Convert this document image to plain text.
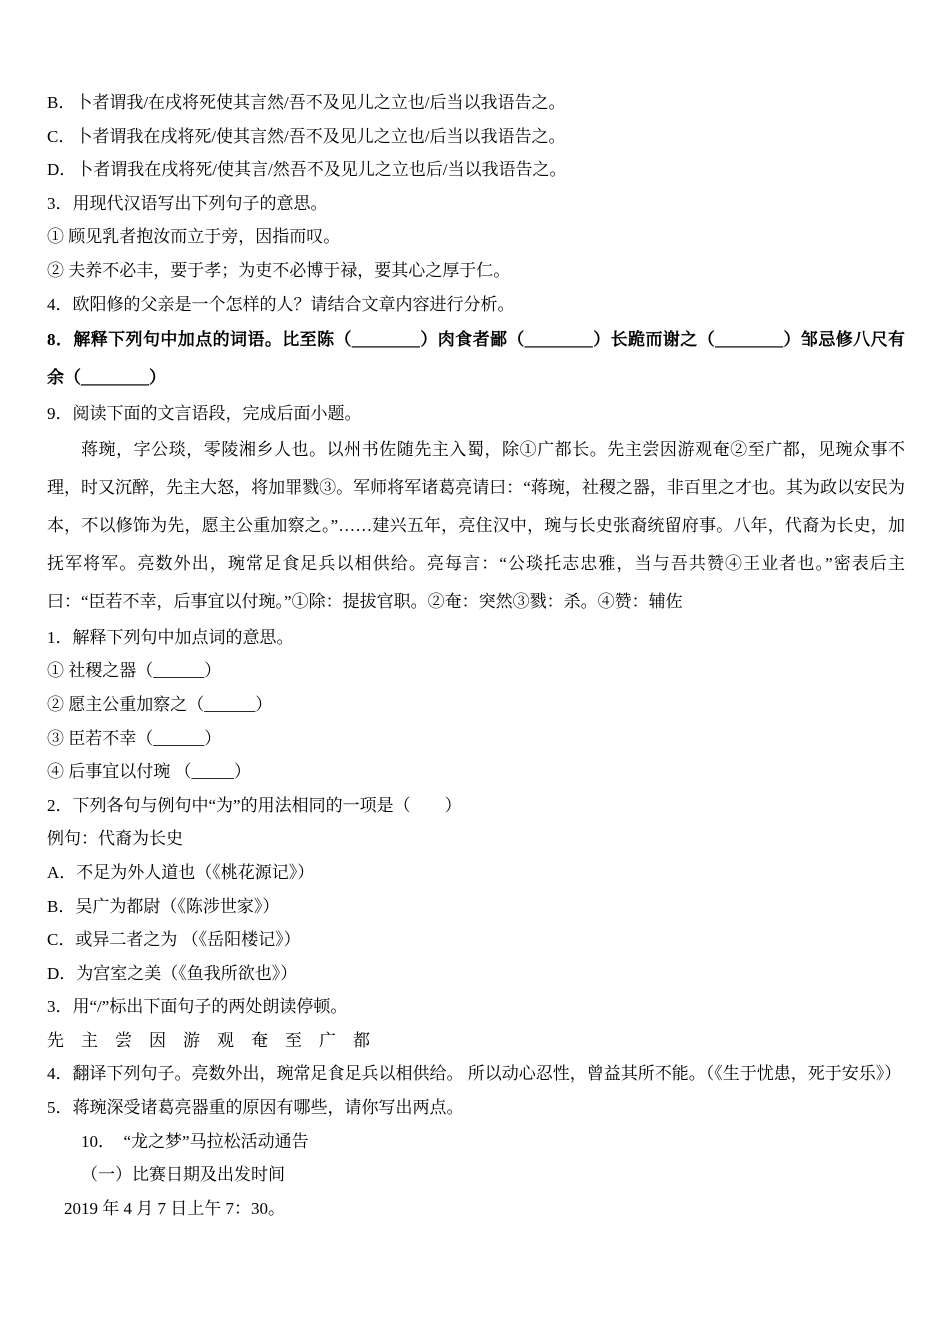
B．卜者谓我/在戌将死使其言然/吾不及见儿之立也/后当以我语告之。

C．卜者谓我在戌将死/使其言然/吾不及见儿之立也/后当以我语告之。

D．卜者谓我在戌将死/使其言/然吾不及见儿之立也后/当以我语告之。

3．用现代汉语写出下列句子的意思。

① 顾见乳者抱汝而立于旁，因指而叹。

② 夫养不必丰，要于孝；为吏不必博于禄，要其心之厚于仁。

4．欧阳修的父亲是一个怎样的人？请结合文章内容进行分析。

8．解释下列句中加点的词语。比至陈（________）肉食者鄙（________）长跪而谢之（________）邹忌修八尺有余（________）

9．阅读下面的文言语段，完成后面小题。

蒋琬，字公琰，零陵湘乡人也。以州书佐随先主入蜀，除①广都长。先主尝因游观奄②至广都，见琬众事不理，时又沉醉，先主大怒，将加罪戮③。军师将军诸葛亮请曰：“蒋琬，社稷之器，非百里之才也。其为政以安民为本，不以修饰为先，愿主公重加察之。”……建兴五年，亮住汉中，琬与长史张裔统留府事。八年，代裔为长史，加抚军将军。亮数外出，琬常足食足兵以相供给。亮每言：“公琰托志忠雅，当与吾共赞④王业者也。”密表后主曰：“臣若不幸，后事宜以付琬。”①除：提拔官职。②奄：突然③戮：杀。④赞：辅佐

1．解释下列句中加点词的意思。

① 社稷之器（______）

② 愿主公重加察之（______）

③ 臣若不幸（______）

④ 后事宜以付琬 （_____）

2．下列各句与例句中“为”的用法相同的一项是（　　）

例句：代裔为长史

A．不足为外人道也（《桃花源记》）

B．吴广为都尉（《陈涉世家》）

C．或异二者之为 （《岳阳楼记》）

D．为宫室之美（《鱼我所欲也》）

3．用“/”标出下面句子的两处朗读停顿。

先　主　尝　因　游　观　奄　至　广　都

4．翻译下列句子。亮数外出，琬常足食足兵以相供给。 所以动心忍性，曾益其所不能。（《生于忧患，死于安乐》）

5．蒋琬深受诸葛亮器重的原因有哪些，请你写出两点。

10．　“龙之梦”马拉松活动通告

（一）比赛日期及出发时间

2019 年 4 月 7 日上午 7：30。
